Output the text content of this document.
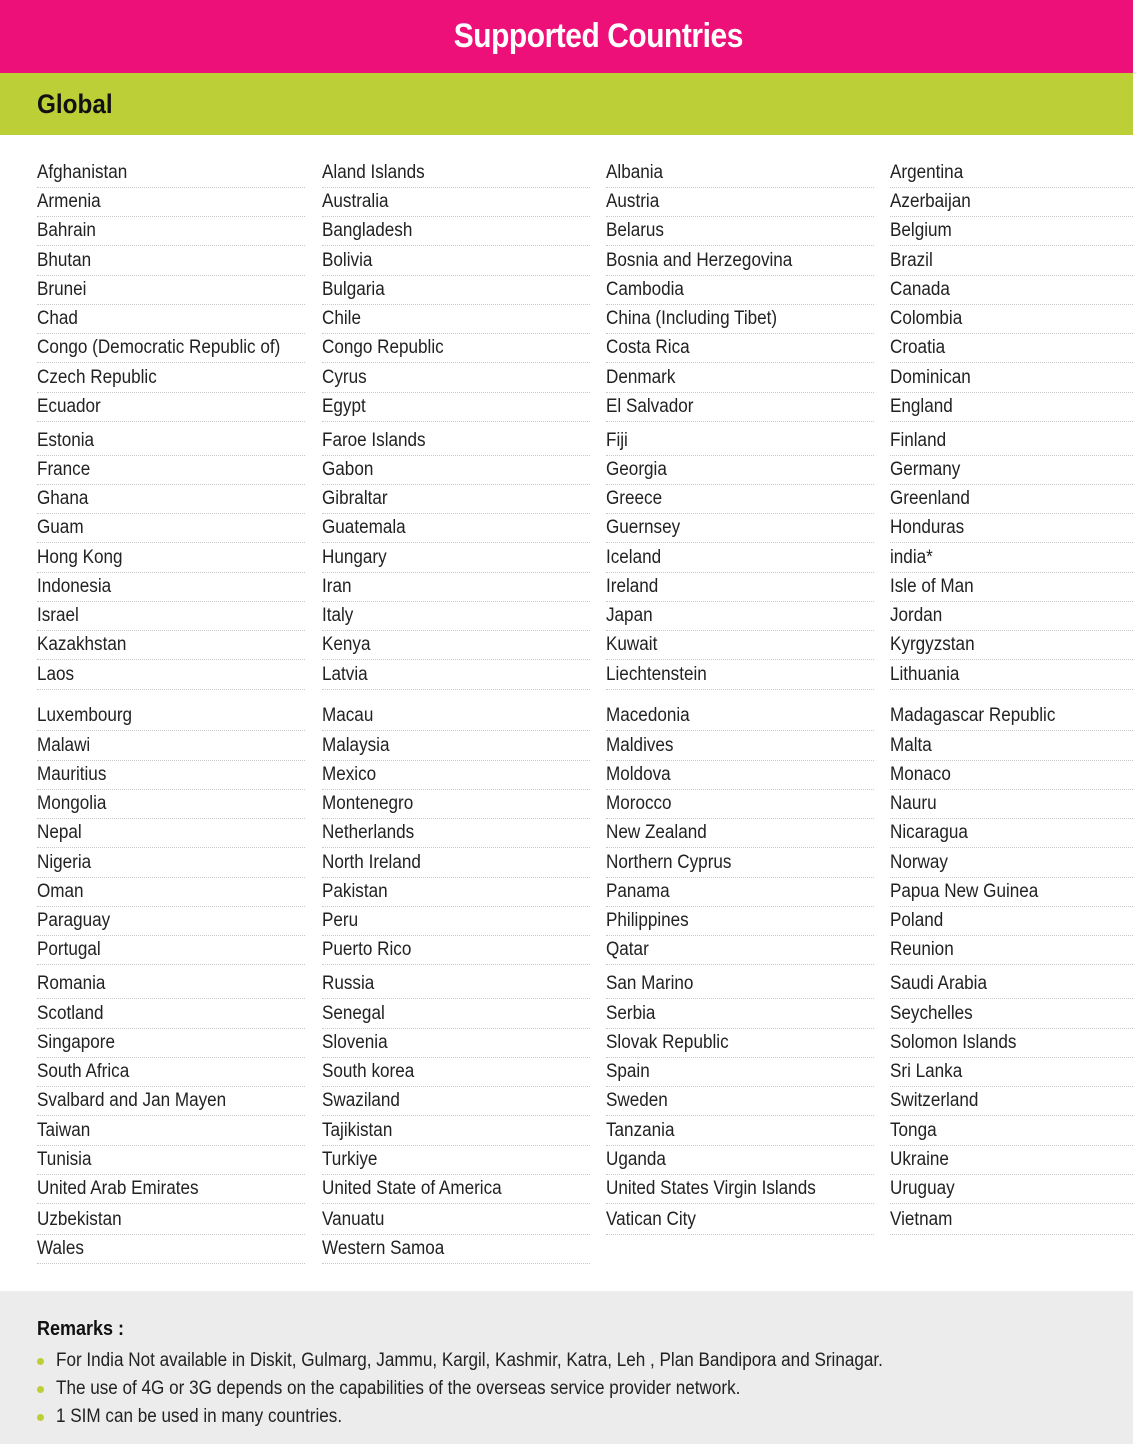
Supported Countries
Global
Afghanistan	Aland Islands	Albania	Argentina
Armenia	Australia	Austria	Azerbaijan
Bahrain	Bangladesh	Belarus	Belgium
Bhutan	Bolivia	Bosnia and Herzegovina	Brazil
Brunei	Bulgaria	Cambodia	Canada
Chad	Chile	China (Including Tibet)	Colombia
Congo (Democratic Republic of)	Congo Republic	Costa Rica	Croatia
Czech Republic	Cyrus	Denmark	Dominican
Ecuador	Egypt	El Salvador	England
Estonia	Faroe Islands	Fiji	Finland
France	Gabon	Georgia	Germany
Ghana	Gibraltar	Greece	Greenland
Guam	Guatemala	Guernsey	Honduras
Hong Kong	Hungary	Iceland	india*
Indonesia	Iran	Ireland	Isle of Man
Israel	Italy	Japan	Jordan
Kazakhstan	Kenya	Kuwait	Kyrgyzstan
Laos	Latvia	Liechtenstein	Lithuania
Luxembourg	Macau	Macedonia	Madagascar Republic
Malawi	Malaysia	Maldives	Malta
Mauritius	Mexico	Moldova	Monaco
Mongolia	Montenegro	Morocco	Nauru
Nepal	Netherlands	New Zealand	Nicaragua
Nigeria	North Ireland	Northern Cyprus	Norway
Oman	Pakistan	Panama	Papua New Guinea
Paraguay	Peru	Philippines	Poland
Portugal	Puerto Rico	Qatar	Reunion
Romania	Russia	San Marino	Saudi Arabia
Scotland	Senegal	Serbia	Seychelles
Singapore	Slovenia	Slovak Republic	Solomon Islands
South Africa	South korea	Spain	Sri Lanka
Svalbard and Jan Mayen	Swaziland	Sweden	Switzerland
Taiwan	Tajikistan	Tanzania	Tonga
Tunisia	Turkiye	Uganda	Ukraine
United Arab Emirates	United State of America	United States Virgin Islands	Uruguay
Uzbekistan	Vanuatu	Vatican City	Vietnam
Wales	Western Samoa
Remarks :
For India Not available in Diskit, Gulmarg, Jammu, Kargil, Kashmir, Katra, Leh , Plan Bandipora and Srinagar.
The use of 4G or 3G depends on the capabilities of the overseas service provider network.
1 SIM can be used in many countries.
